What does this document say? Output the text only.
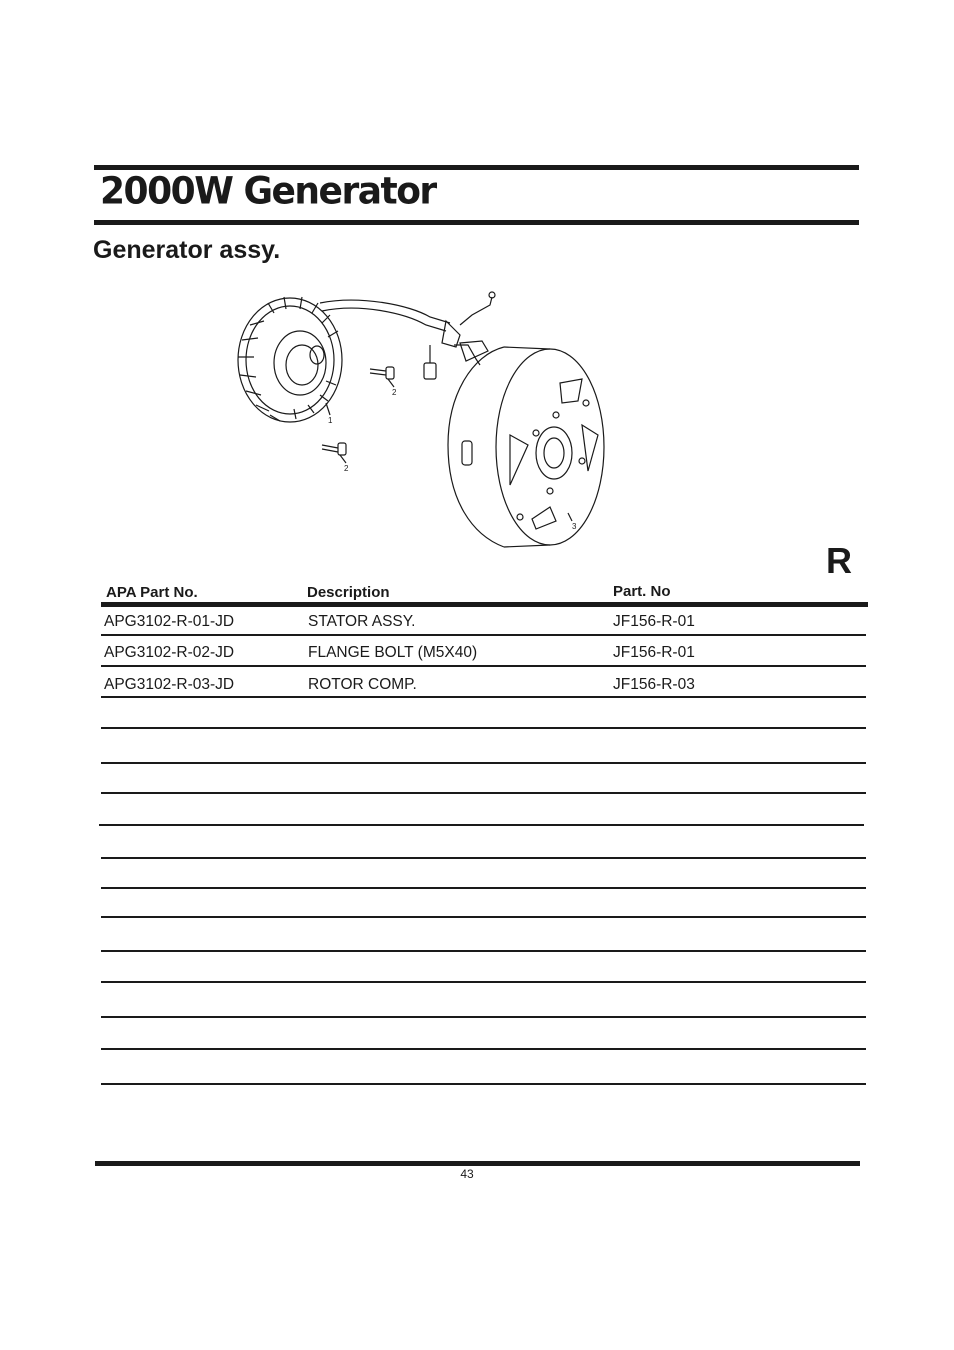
2000W Generator
Generator assy.
1
2
2
3
R
APA Part No.	Description	Part. No
APG3102-R-01-JD	STATOR ASSY.	JF156-R-01
APG3102-R-02-JD	FLANGE BOLT (M5X40)	JF156-R-01
APG3102-R-03-JD	ROTOR COMP.	JF156-R-03
43
